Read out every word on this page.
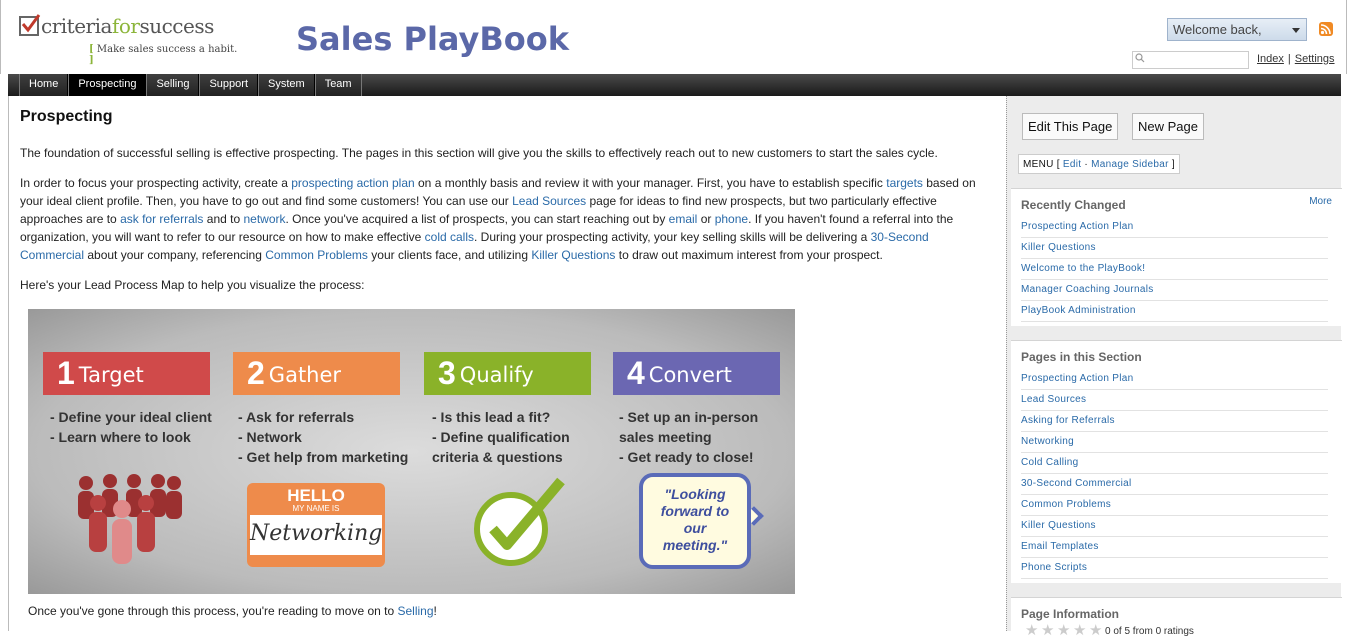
criteria for success
[ Make sales success a habit. ]
Sales PlayBook	Welcome back,
Index | Settings
Home	Prospecting	Selling	Support	System	Team
Prospecting

The foundation of successful selling is effective prospecting. The pages in this section will give you the skills to effectively reach out to new customers to start the sales cycle.

In order to focus your prospecting activity, create a prospecting action plan on a monthly basis and review it with your manager. First, you have to establish specific targets based on your ideal client profile. Then, you have to go out and find some customers! You can use our Lead Sources page for ideas to find new prospects, but two particularly effective approaches are to ask for referrals and to network. Once you've acquired a list of prospects, you can start reaching out by email or phone. If you haven't found a referral into the organization, you will want to refer to our resource on how to make effective cold calls. During your prospecting activity, your key selling skills will be delivering a 30-Second Commercial about your company, referencing Common Problems your clients face, and utilizing Killer Questions to draw out maximum interest from your prospect.

Here's your Lead Process Map to help you visualize the process:

1 Target	2 Gather	3 Qualify	4 Convert
- Define your ideal client
- Learn where to look
- Ask for referrals
- Network
- Get help from marketing
- Is this lead a fit?
- Define qualification
criteria & questions
- Set up an in-person
sales meeting
- Get ready to close!
HELLO
MY NAME IS
Networking
"Looking
forward to
our
meeting."
Once you've gone through this process, you're reading to move on to Selling!
Edit This Page	New Page
MENU [ Edit · Manage Sidebar ]
Recently Changed	More
Prospecting Action Plan
Killer Questions
Welcome to the PlayBook!
Manager Coaching Journals
PlayBook Administration
Pages in this Section
Prospecting Action Plan
Lead Sources
Asking for Referrals
Networking
Cold Calling
30-Second Commercial
Common Problems
Killer Questions
Email Templates
Phone Scripts
Page Information
★ ★ ★ ★ ★ 0 of 5 from 0 ratings
